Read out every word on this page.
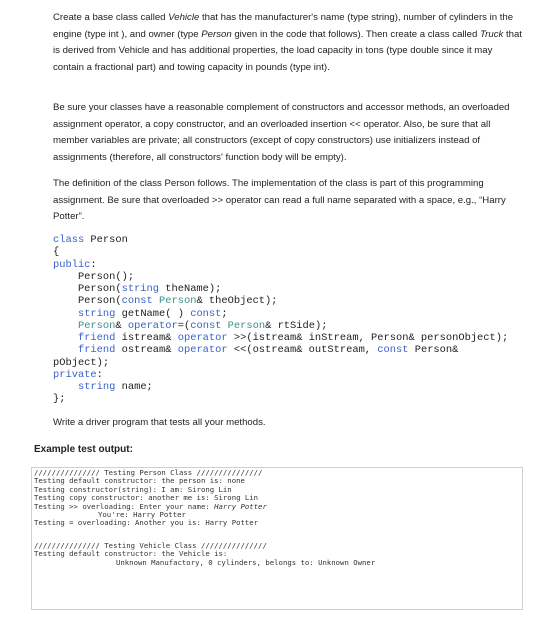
Create a base class called Vehicle that has the manufacturer's name (type string), number of cylinders in the engine (type int ), and owner (type Person given in the code that follows). Then create a class called Truck that is derived from Vehicle and has additional properties, the load capacity in tons (type double since it may contain a fractional part) and towing capacity in pounds (type int).

Be sure your classes have a reasonable complement of constructors and accessor methods, an overloaded assignment operator, a copy constructor, and an overloaded insertion << operator. Also, be sure that all member variables are private; all constructors (except of copy constructors) use initializers instead of assignments (therefore, all constructors' function body will be empty).

The definition of the class Person follows. The implementation of the class is part of this programming assignment. Be sure that overloaded >> operator can read a full name separated with a space, e.g., “Harry Potter”.

class Person
{
public:
Person();
Person(string theName);
Person(const Person& theObject);
string getName( ) const;
Person& operator=(const Person& rtSide);
friend istream& operator >>(istream& inStream, Person& personObject);
friend ostream& operator <<(ostream& outStream, const Person&
pObject);
private:
string name;
};

Write a driver program that tests all your methods.

Example test output:

/////////////// Testing Person Class ///////////////
Testing default constructor: the person is: none
Testing constructor(string): I am: Sirong Lin
Testing copy constructor: another me is: Sirong Lin
Testing >> overloading: Enter your name: Harry Potter
You're: Harry Potter
Testing = overloading: Another you is: Harry Potter
/////////////// Testing Vehicle Class ///////////////
Testing default constructor: the Vehicle is:
Unknown Manufactory, 0 cylinders, belongs to: Unknown Owner
